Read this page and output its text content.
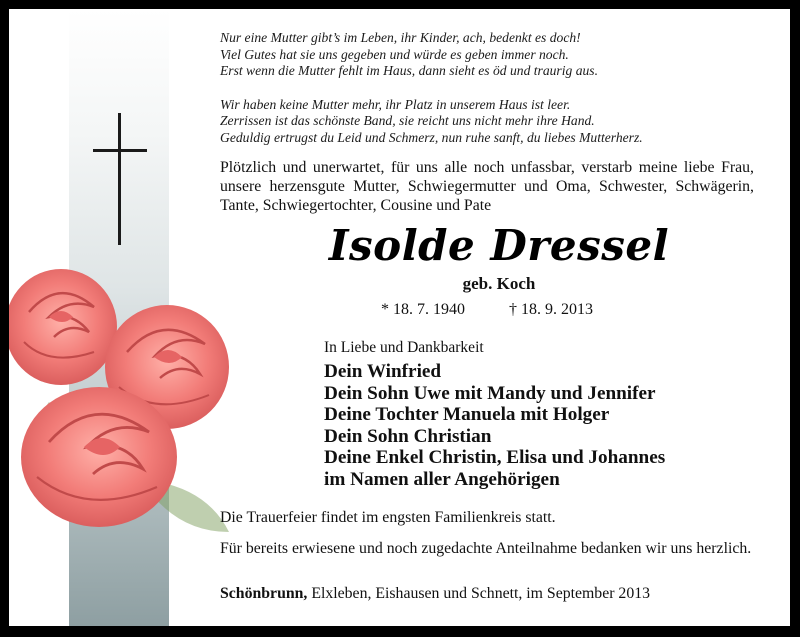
Nur eine Mutter gibt’s im Leben, ihr Kinder, ach, bedenkt es doch!

Viel Gutes hat sie uns gegeben und würde es geben immer noch.

Erst wenn die Mutter fehlt im Haus, dann sieht es öd und traurig aus.

Wir haben keine Mutter mehr, ihr Platz in unserem Haus ist leer.

Zerrissen ist das schönste Band, sie reicht uns nicht mehr ihre Hand.

Geduldig ertrugst du Leid und Schmerz, nun ruhe sanft, du liebes Mutterherz.

Plötzlich und unerwartet, für uns alle noch unfassbar, verstarb meine liebe Frau, unsere herzensgute Mutter, Schwiegermutter und Oma, Schwester, Schwägerin, Tante, Schwiegertochter, Cousine und Pate
Isolde Dressel
geb. Koch
* 18. 7. 1940	† 18. 9. 2013
In Liebe und Dankbarkeit
Dein Winfried
Dein Sohn Uwe mit Mandy und Jennifer
Deine Tochter Manuela mit Holger
Dein Sohn Christian
Deine Enkel Christin, Elisa und Johannes
im Namen aller Angehörigen
Die Trauerfeier findet im engsten Familienkreis statt.
Für bereits erwiesene und noch zugedachte Anteilnahme bedanken wir uns herzlich.
Schönbrunn, Elxleben, Eishausen und Schnett, im September 2013
